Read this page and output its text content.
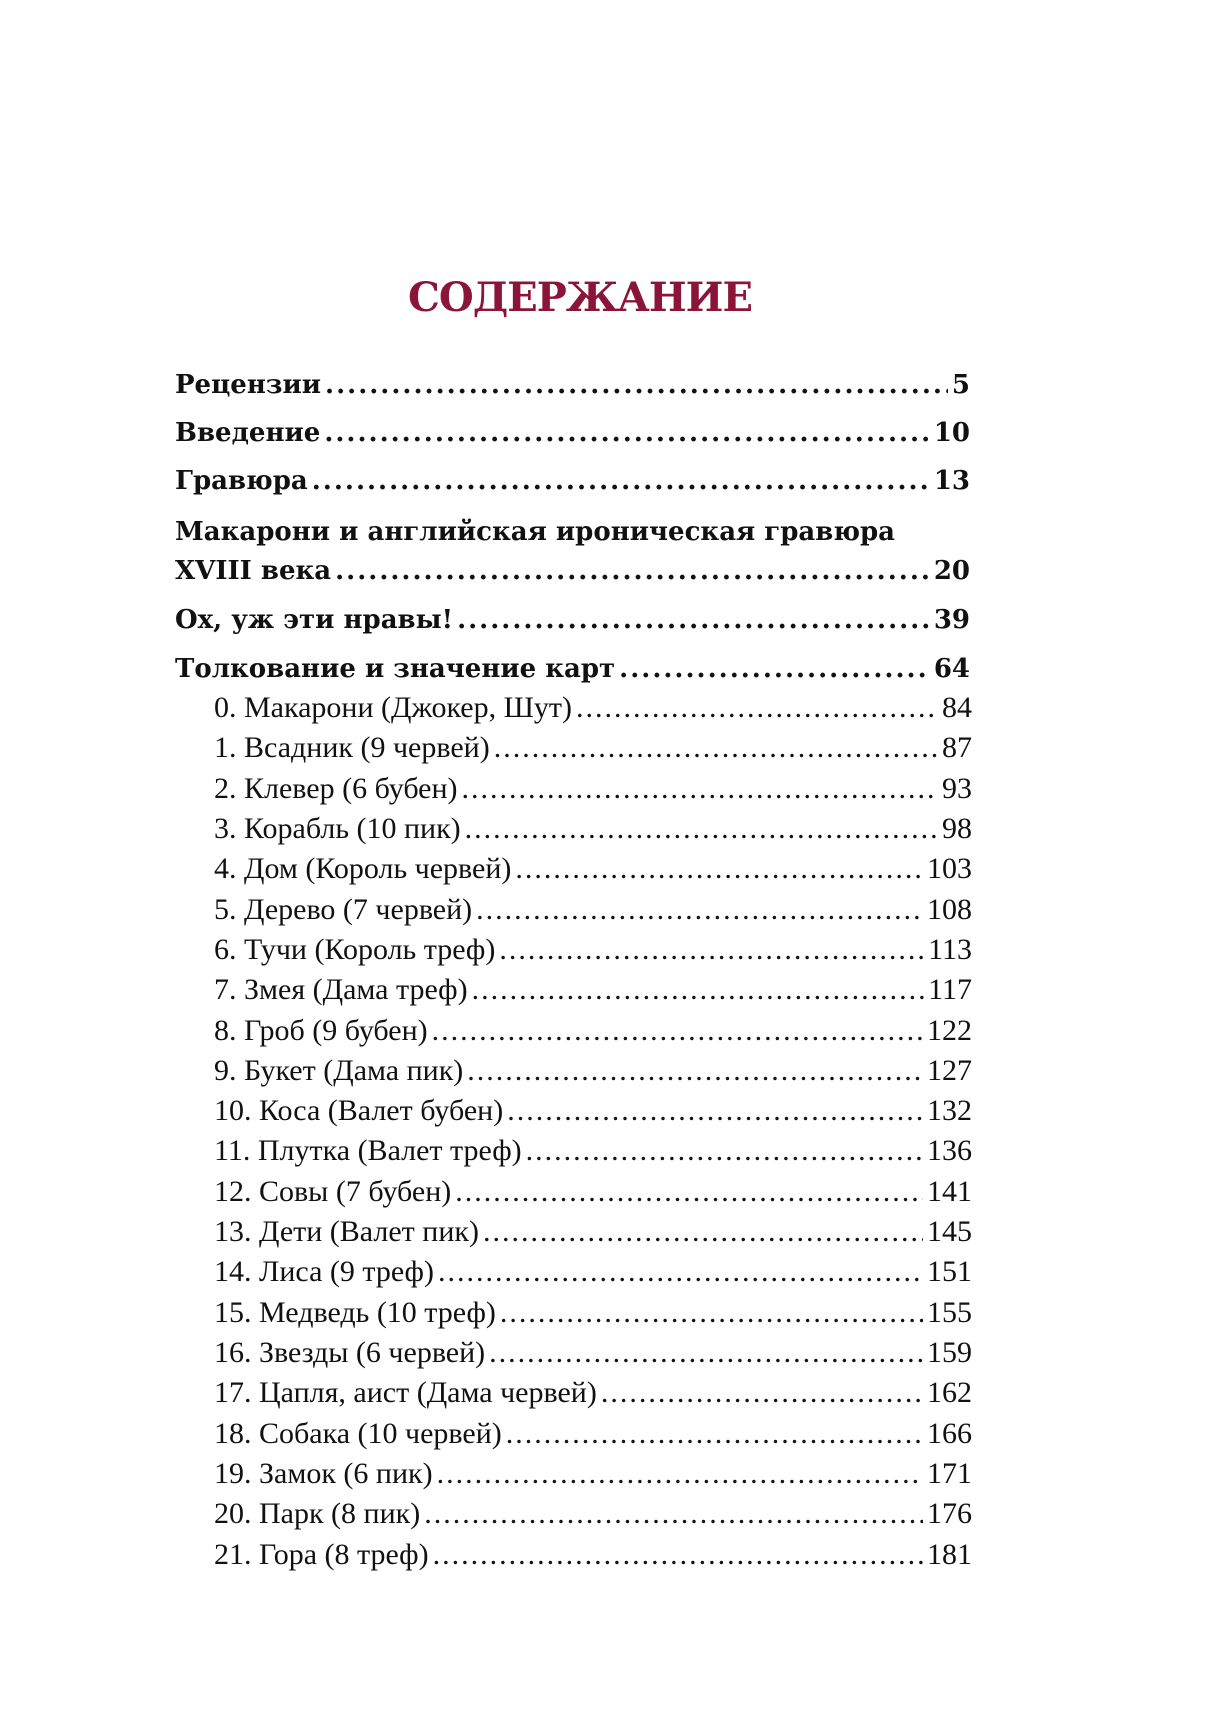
СОДЕРЖАНИЕ
Рецензии .....	5
Введение .....	10
Гравюра .....	13
Макарони и английская ироническая гравюра
XVIII века .....	20
Ох, уж эти нравы! .....	39
Толкование и значение карт .....	64
0. Макарони (Джокер, Шут) .....	84
1. Всадник (9 червей) .....	87
2. Клевер (6 бубен) .....	93
3. Корабль (10 пик) .....	98
4. Дом (Король червей) .....	103
5. Дерево (7 червей) .....	108
6. Тучи (Король треф) .....	113
7. Змея (Дама треф) .....	117
8. Гроб (9 бубен) .....	122
9. Букет (Дама пик) .....	127
10. Коса (Валет бубен) .....	132
11. Плутка (Валет треф) .....	136
12. Совы (7 бубен) .....	141
13. Дети (Валет пик) .....	145
14. Лиса (9 треф) .....	151
15. Медведь (10 треф) .....	155
16. Звезды (6 червей) .....	159
17. Цапля, аист (Дама червей) .....	162
18. Собака (10 червей) .....	166
19. Замок (6 пик) .....	171
20. Парк (8 пик) .....	176
21. Гора (8 треф) .....	181
